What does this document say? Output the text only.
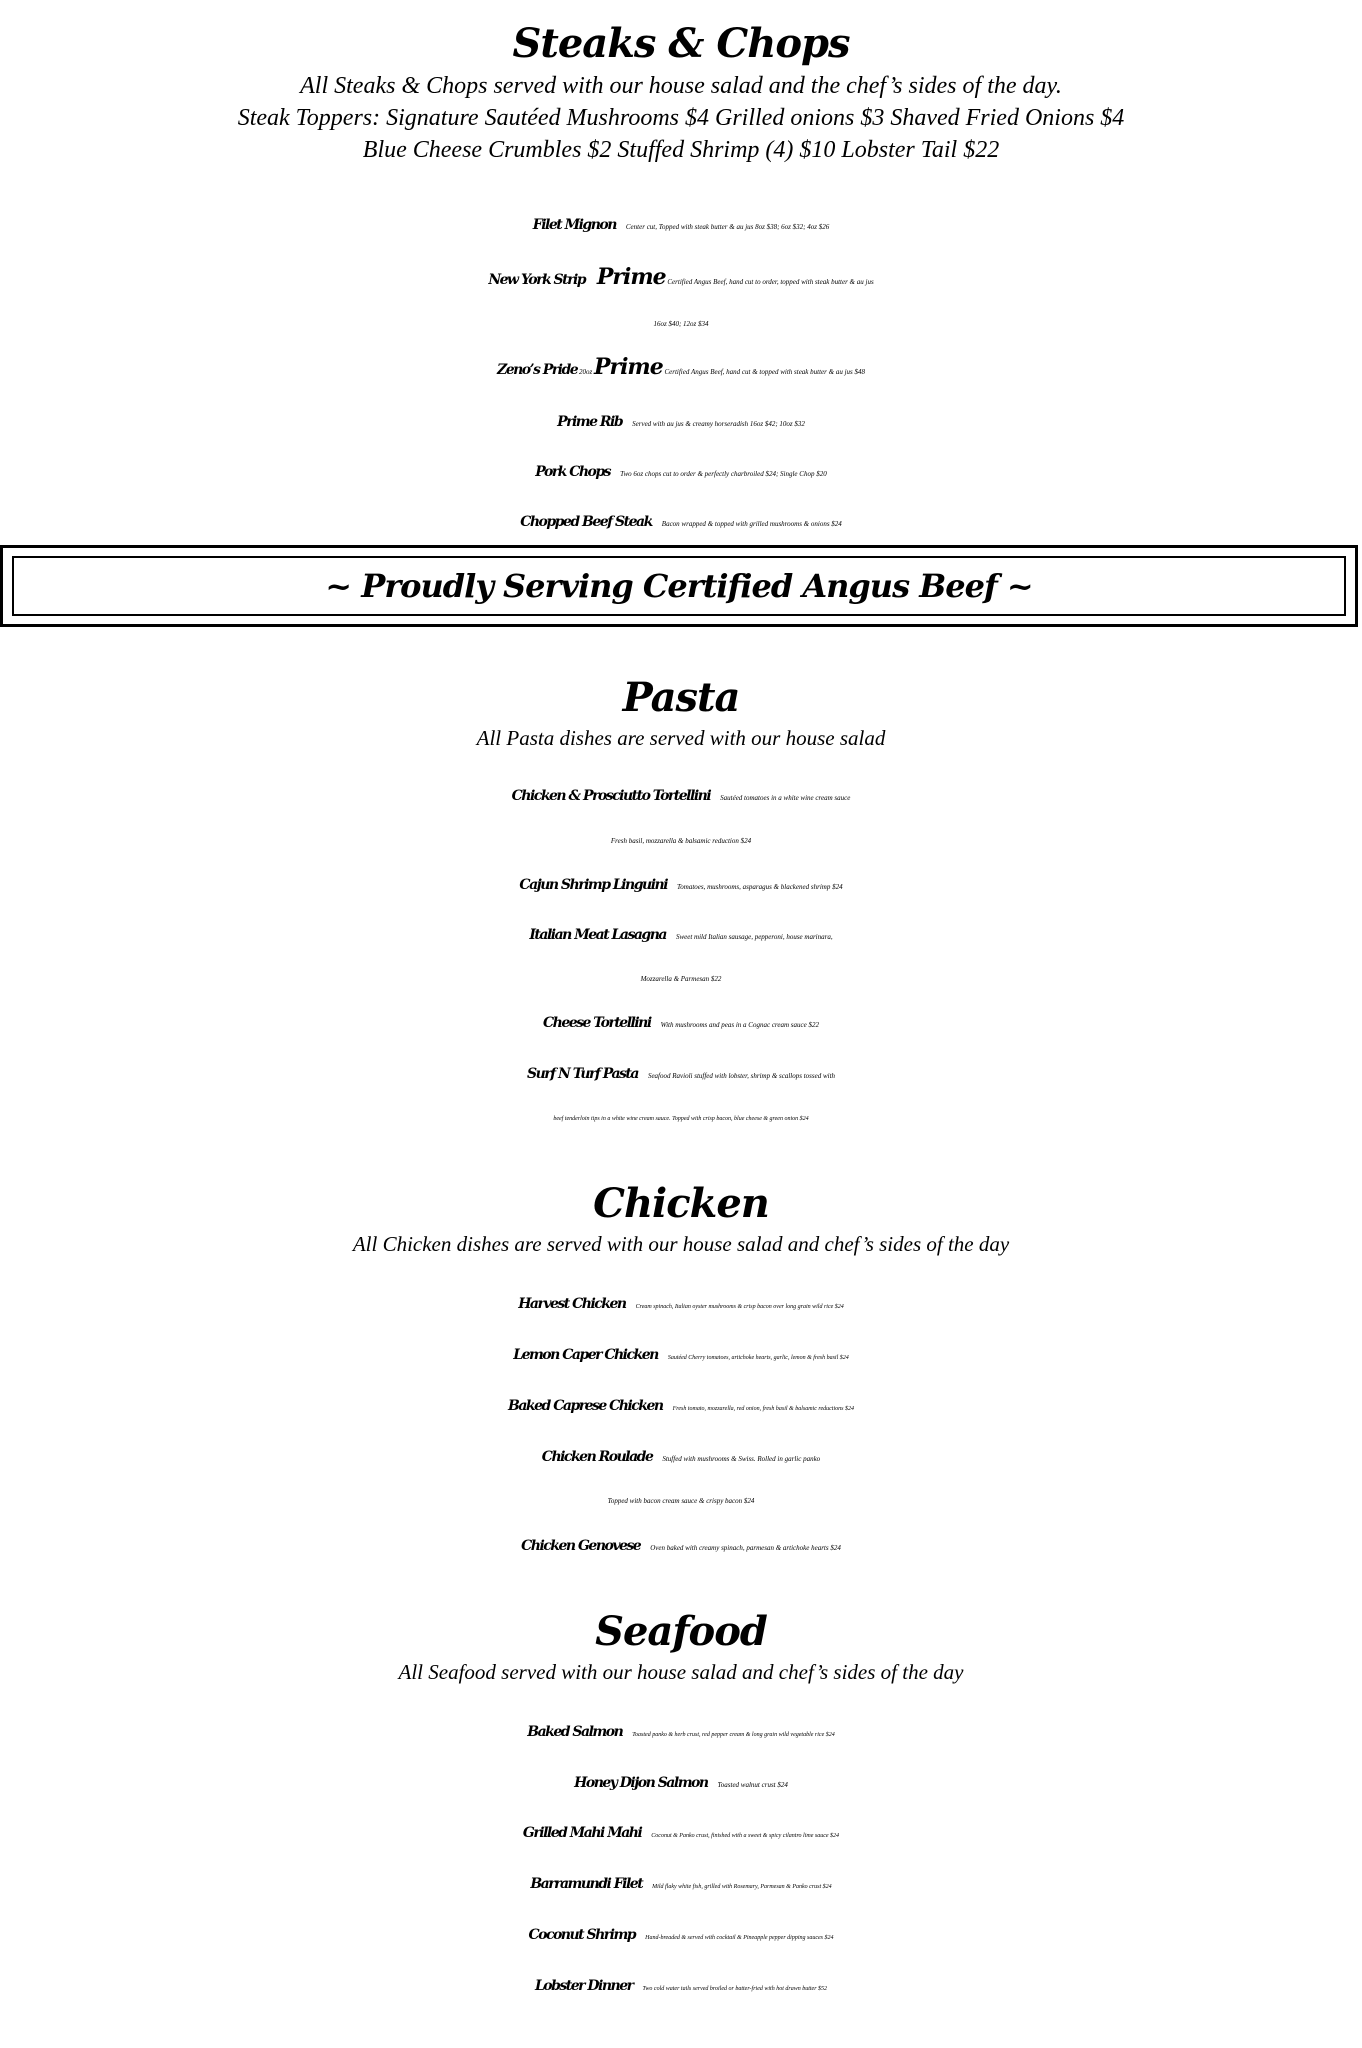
Steaks & Chops
All Steaks & Chops served with our house salad and the chef’s sides of the day.
Steak Toppers: Signature Sautéed Mushrooms $4 Grilled onions $3 Shaved Fried Onions $4
Blue Cheese Crumbles $2 Stuffed Shrimp (4) $10 Lobster Tail $22
Filet Mignon Center cut, Topped with steak butter & au jus 8oz $38; 6oz $32; 4oz $26
New York Strip Prime Certified Angus Beef, hand cut to order, topped with steak butter & au jus
16oz $40; 12oz $34
Zeno’s Pride 20oz Prime Certified Angus Beef, hand cut & topped with steak butter & au jus $48
Prime Rib Served with au jus & creamy horseradish 16oz $42; 10oz $32
Pork Chops Two 6oz chops cut to order & perfectly charbroiled $24; Single Chop $20
Chopped Beef Steak Bacon wrapped & topped with grilled mushrooms & onions $24
~ Proudly Serving Certified Angus Beef ~
Pasta
All Pasta dishes are served with our house salad
Chicken & Prosciutto Tortellini Sautéed tomatoes in a white wine cream sauce
Fresh basil, mozzarella & balsamic reduction $24
Cajun Shrimp Linguini Tomatoes, mushrooms, asparagus & blackened shrimp $24
Italian Meat Lasagna Sweet mild Italian sausage, pepperoni, house marinara,
Mozzarella & Parmesan $22
Cheese Tortellini With mushrooms and peas in a Cognac cream sauce $22
Surf N Turf Pasta Seafood Ravioli stuffed with lobster, shrimp & scallops tossed with
beef tenderloin tips in a white wine cream sauce. Topped with crisp bacon, blue cheese & green onion $24
Chicken
All Chicken dishes are served with our house salad and chef’s sides of the day
Harvest Chicken Cream spinach, Italian oyster mushrooms & crisp bacon over long grain wild rice $24
Lemon Caper Chicken Sautéed Cherry tomatoes, artichoke hearts, garlic, lemon & fresh basil $24
Baked Caprese Chicken Fresh tomato, mozzarella, red onion, fresh basil & balsamic reductions $24
Chicken Roulade Stuffed with mushrooms & Swiss. Rolled in garlic panko
Topped with bacon cream sauce & crispy bacon $24
Chicken Genovese Oven baked with creamy spinach, parmesan & artichoke hearts $24
Seafood
All Seafood served with our house salad and chef’s sides of the day
Baked Salmon Toasted panko & herb crust, red pepper cream & long grain wild vegetable rice $24
Honey Dijon Salmon Toasted walnut crust $24
Grilled Mahi Mahi Coconut & Panko crust, finished with a sweet & spicy cilantro lime sauce $24
Barramundi Filet Mild flaky white fish, grilled with Rosemary, Parmesan & Panko crust $24
Coconut Shrimp Hand-breaded & served with cocktail & Pineapple pepper dipping sauces $24
Lobster Dinner Two cold water tails served broiled or batter-fried with hot drawn butter $52
